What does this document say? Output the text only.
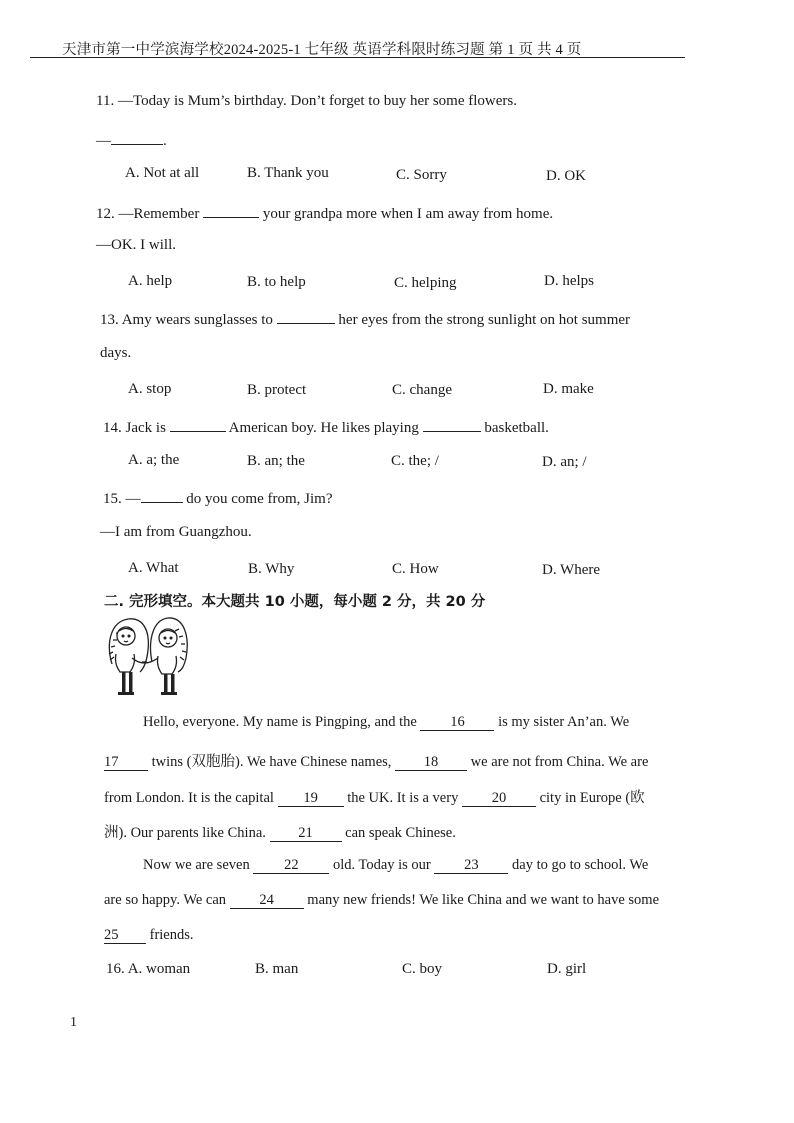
天津市第一中学滨海学校2024-2025-1 七年级 英语学科限时练习题 第 1 页 共 4 页
11. —Today is Mum’s birthday. Don’t forget to buy her some flowers.
—	.
A. Not at all	B. Thank you	C. Sorry	D. OK
12. —Remember	your grandpa more when I am away from home.
—OK. I will.
A. help	B. to help	C. helping	D. helps
13. Amy wears sunglasses to	her eyes from the strong sunlight on hot summer
days.
A. stop	B. protect	C. change	D. make
14. Jack is	American boy. He likes playing	basketball.
A. a; the	B. an; the	C. the; /	D. an; /
15. —	do you come from, Jim?
—I am from Guangzhou.
A. What	B. Why	C. How	D. Where
二. 完形填空。本大题共 10 小题，每小题 2 分，共 20 分
Hello, everyone. My name is Pingping, and the 16 is my sister An’an. We
17 twins (双胞胎). We have Chinese names, 18 we are not from China. We are
from London. It is the capital 19 the UK. It is a very 20 city in Europe (欧
洲). Our parents like China. 21 can speak Chinese.
Now we are seven 22 old. Today is our 23 day to go to school. We
are so happy. We can 24 many new friends! We like China and we want to have some
25 friends.
16. A. woman	B. man	C. boy	D. girl
1
